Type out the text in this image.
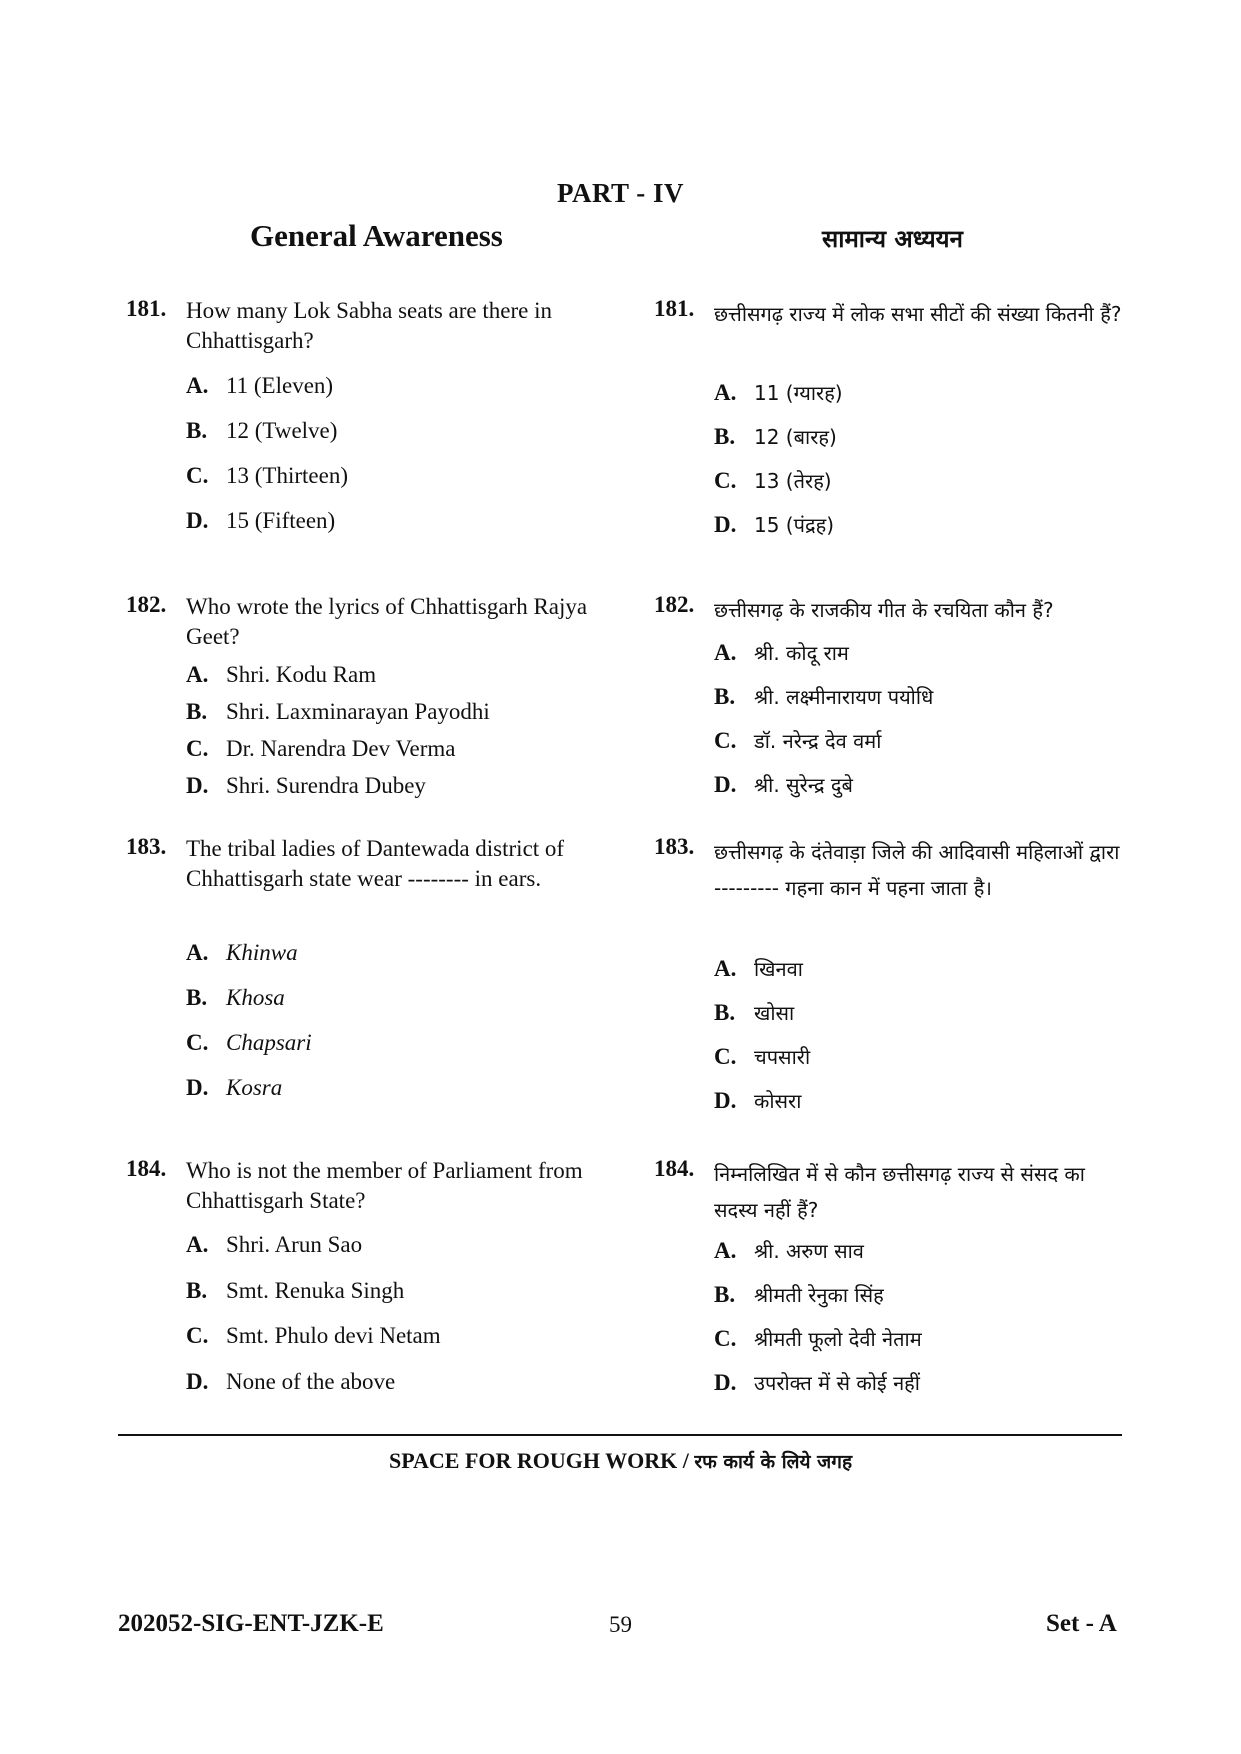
PART - IV
General Awareness	सामान्य अध्ययन
181. How many Lok Sabha seats are there in Chhattisgarh?
A. 11 (Eleven)
B. 12 (Twelve)
C. 13 (Thirteen)
D. 15 (Fifteen)
182. Who wrote the lyrics of Chhattisgarh Rajya Geet?
A. Shri. Kodu Ram
B. Shri. Laxminarayan Payodhi
C. Dr. Narendra Dev Verma
D. Shri. Surendra Dubey
183. The tribal ladies of Dantewada district of Chhattisgarh state wear -------- in ears.
A. Khinwa
B. Khosa
C. Chapsari
D. Kosra
184. Who is not the member of Parliament from Chhattisgarh State?
A. Shri. Arun Sao
B. Smt. Renuka Singh
C. Smt. Phulo devi Netam
D. None of the above
181. छत्तीसगढ़ राज्य में लोक सभा सीटों की संख्या कितनी हैं?
A. 11 (ग्यारह)
B. 12 (बारह)
C. 13 (तेरह)
D. 15 (पंद्रह)
182. छत्तीसगढ़ के राजकीय गीत के रचयिता कौन हैं?
A. श्री. कोदू राम
B. श्री. लक्ष्मीनारायण पयोधि
C. डॉ. नरेन्द्र देव वर्मा
D. श्री. सुरेन्द्र दुबे
183. छत्तीसगढ़ के दंतेवाड़ा जिले की आदिवासी महिलाओं द्वारा --------- गहना कान में पहना जाता है।
A. खिनवा
B. खोसा
C. चपसारी
D. कोसरा
184. निम्नलिखित में से कौन छत्तीसगढ़ राज्य से संसद का सदस्य नहीं हैं?
A. श्री. अरुण साव
B. श्रीमती रेनुका सिंह
C. श्रीमती फूलो देवी नेताम
D. उपरोक्त में से कोई नहीं
SPACE FOR ROUGH WORK / रफ कार्य के लिये जगह
202052-SIG-ENT-JZK-E	59	Set - A
